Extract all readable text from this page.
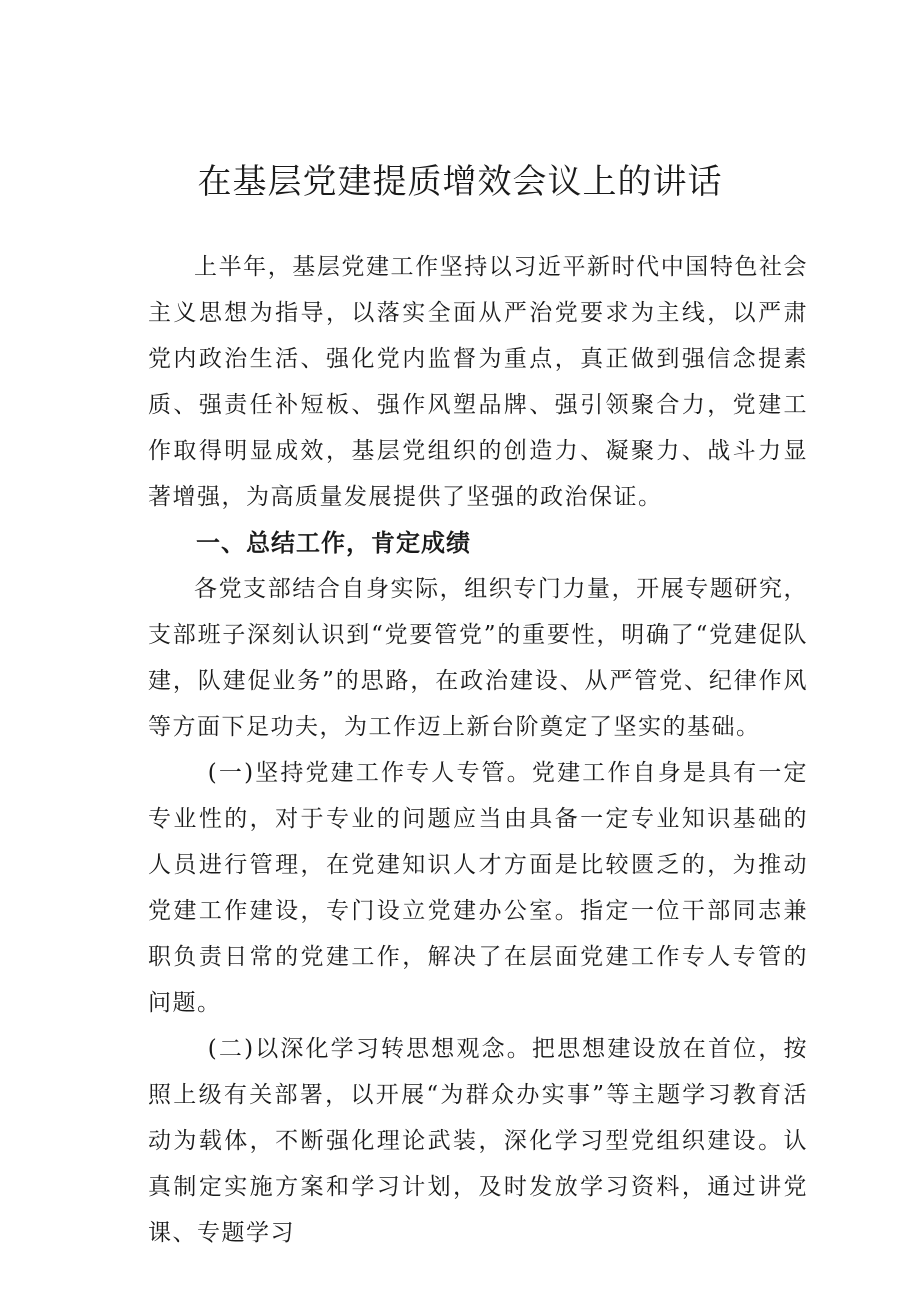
在基层党建提质增效会议上的讲话

上半年，基层党建工作坚持以习近平新时代中国特色社会主义思想为指导，以落实全面从严治党要求为主线，以严肃党内政治生活、强化党内监督为重点，真正做到强信念提素质、强责任补短板、强作风塑品牌、强引领聚合力，党建工作取得明显成效，基层党组织的创造力、凝聚力、战斗力显著增强，为高质量发展提供了坚强的政治保证。

一、总结工作，肯定成绩

各党支部结合自身实际，组织专门力量，开展专题研究，支部班子深刻认识到“党要管党”的重要性，明确了“党建促队建，队建促业务”的思路，在政治建设、从严管党、纪律作风等方面下足功夫，为工作迈上新台阶奠定了坚实的基础。

(一)坚持党建工作专人专管。党建工作自身是具有一定专业性的，对于专业的问题应当由具备一定专业知识基础的人员进行管理，在党建知识人才方面是比较匮乏的，为推动党建工作建设，专门设立党建办公室。指定一位干部同志兼职负责日常的党建工作，解决了在层面党建工作专人专管的问题。

(二)以深化学习转思想观念。把思想建设放在首位，按照上级有关部署，以开展“为群众办实事”等主题学习教育活动为载体，不断强化理论武装，深化学习型党组织建设。认真制定实施方案和学习计划，及时发放学习资料，通过讲党课、专题学习
